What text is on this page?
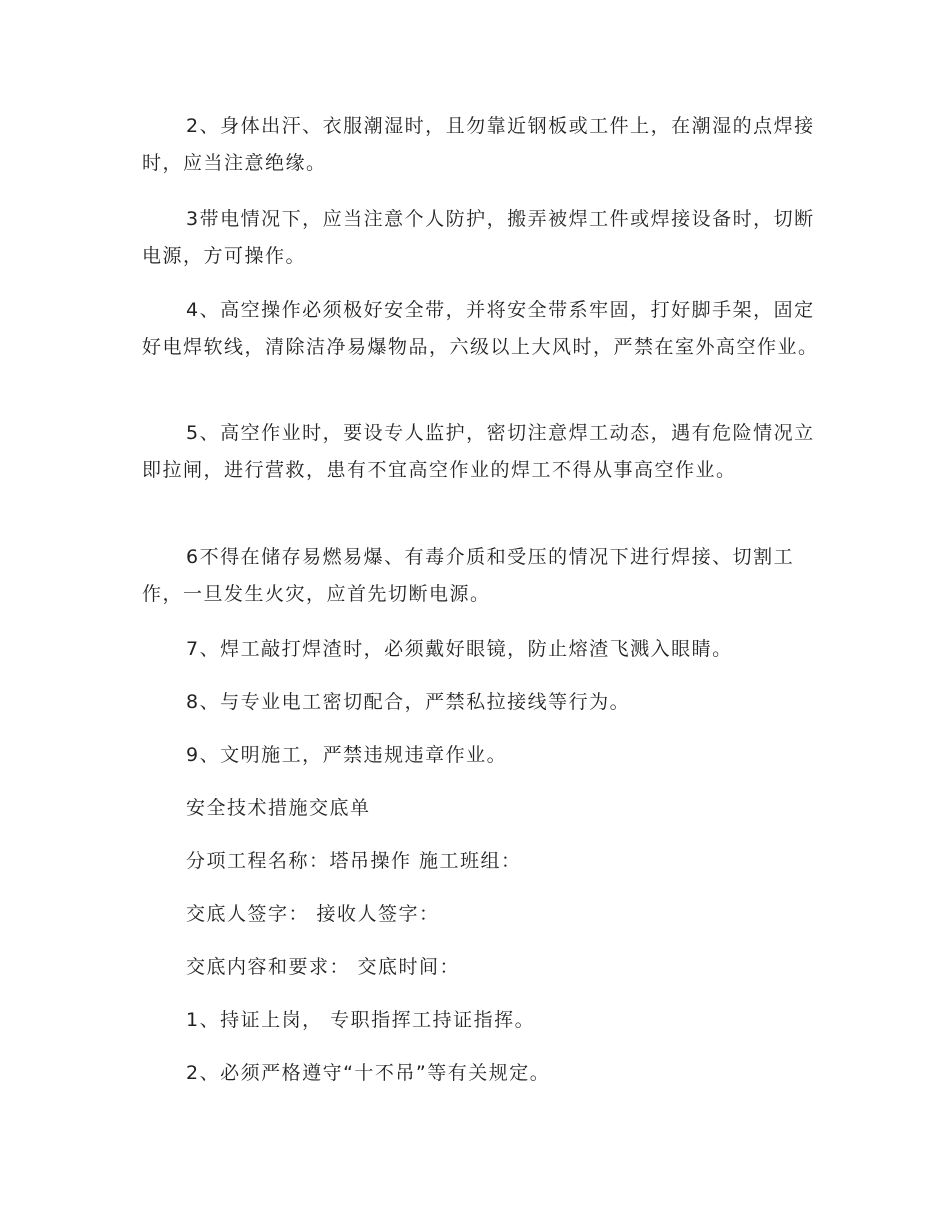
2、身体出汗、衣服潮湿时，且勿靠近钢板或工件上，在潮湿的点焊接时，应当注意绝缘。

3带电情况下，应当注意个人防护，搬弄被焊工件或焊接设备时，切断电源，方可操作。

4、高空操作必须极好安全带，并将安全带系牢固，打好脚手架，固定好电焊软线，清除洁净易爆物品，六级以上大风时，严禁在室外高空作业。

5、高空作业时，要设专人监护，密切注意焊工动态，遇有危险情况立即拉闸，进行营救，患有不宜高空作业的焊工不得从事高空作业。

6不得在储存易燃易爆、有毒介质和受压的情况下进行焊接、切割工作，一旦发生火灾，应首先切断电源。

7、焊工敲打焊渣时，必须戴好眼镜，防止熔渣飞溅入眼睛。

8、与专业电工密切配合，严禁私拉接线等行为。

9、文明施工，严禁违规违章作业。

安全技术措施交底单

分项工程名称：塔吊操作 施工班组：

交底人签字： 接收人签字：

交底内容和要求： 交底时间：

1、持证上岗， 专职指挥工持证指挥。

2、必须严格遵守“十不吊”等有关规定。
